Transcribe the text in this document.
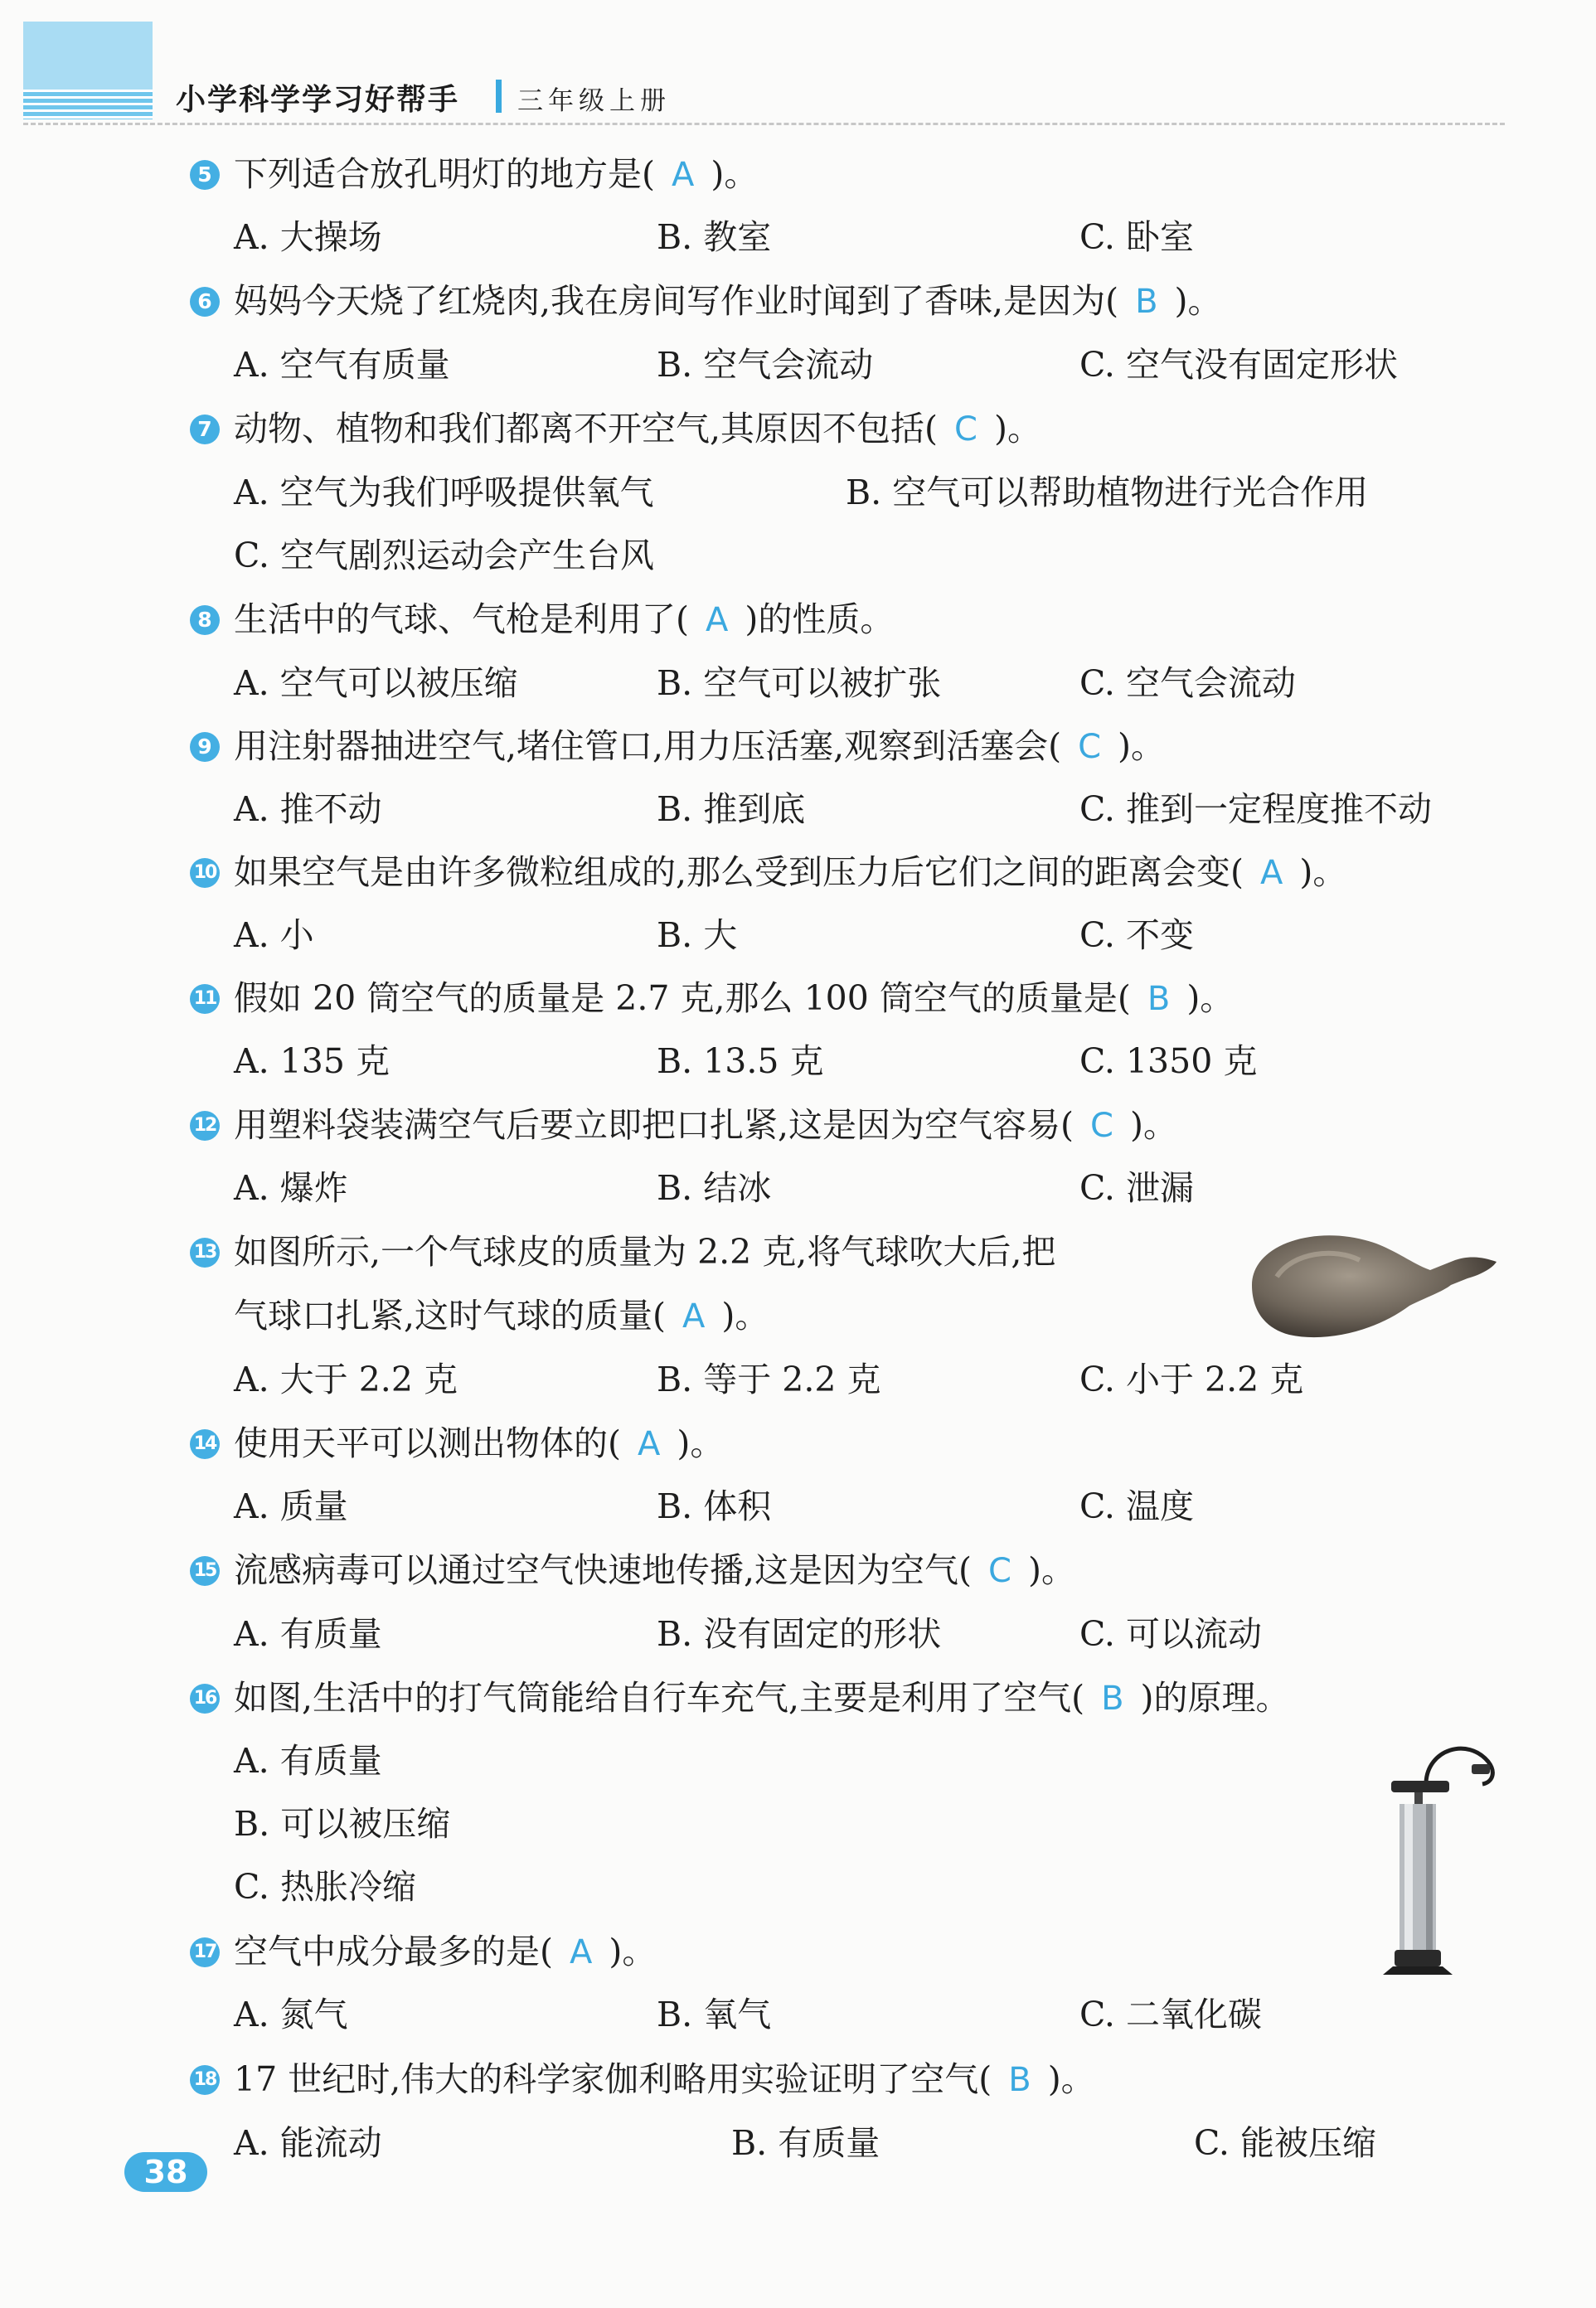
小学科学学习好帮手 三年级上册
5 下列适合放孔明灯的地方是( A )。
A. 大操场	B. 教室	C. 卧室
6 妈妈今天烧了红烧肉,我在房间写作业时闻到了香味,是因为( B )。
A. 空气有质量	B. 空气会流动	C. 空气没有固定形状
7 动物、植物和我们都离不开空气,其原因不包括( C )。
A. 空气为我们呼吸提供氧气	B. 空气可以帮助植物进行光合作用
C. 空气剧烈运动会产生台风
8 生活中的气球、气枪是利用了( A )的性质。
A. 空气可以被压缩	B. 空气可以被扩张	C. 空气会流动
9 用注射器抽进空气,堵住管口,用力压活塞,观察到活塞会( C )。
A. 推不动	B. 推到底	C. 推到一定程度推不动
10 如果空气是由许多微粒组成的,那么受到压力后它们之间的距离会变( A )。
A. 小	B. 大	C. 不变
11 假如 20 筒空气的质量是 2.7 克,那么 100 筒空气的质量是( B )。
A. 135 克	B. 13.5 克	C. 1350 克
12 用塑料袋装满空气后要立即把口扎紧,这是因为空气容易( C )。
A. 爆炸	B. 结冰	C. 泄漏
13 如图所示,一个气球皮的质量为 2.2 克,将气球吹大后,把
气球口扎紧,这时气球的质量( A )。
A. 大于 2.2 克	B. 等于 2.2 克	C. 小于 2.2 克
14 使用天平可以测出物体的( A )。
A. 质量	B. 体积	C. 温度
15 流感病毒可以通过空气快速地传播,这是因为空气( C )。
A. 有质量	B. 没有固定的形状	C. 可以流动
16 如图,生活中的打气筒能给自行车充气,主要是利用了空气( B )的原理。
A. 有质量
B. 可以被压缩
C. 热胀冷缩
17 空气中成分最多的是( A )。
A. 氮气	B. 氧气	C. 二氧化碳
18 17 世纪时,伟大的科学家伽利略用实验证明了空气( B )。
A. 能流动	B. 有质量	C. 能被压缩
38
